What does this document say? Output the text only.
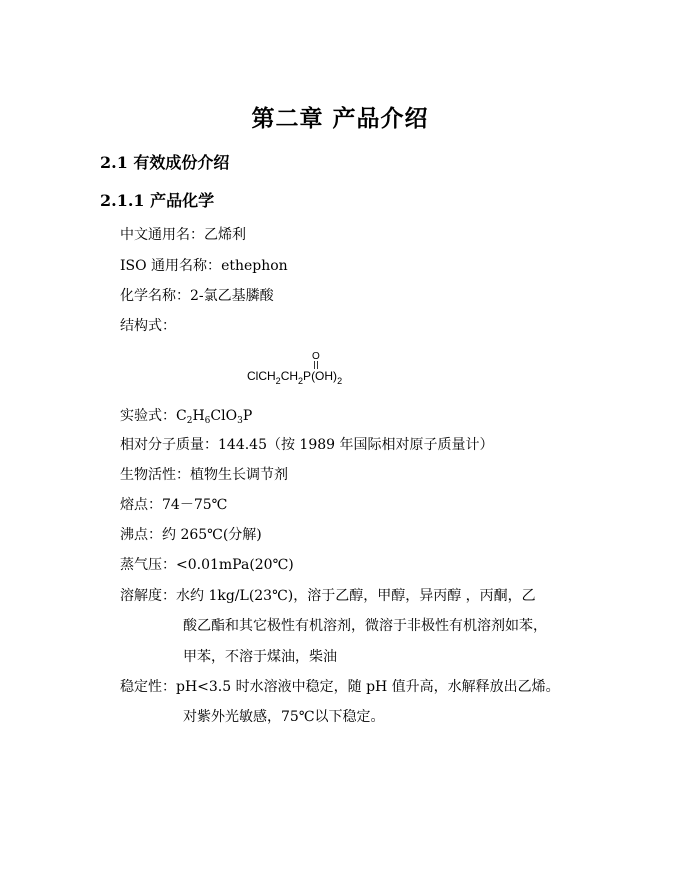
第二章 产品介绍
2.1 有效成份介绍
2.1.1 产品化学
中文通用名：乙烯利
ISO 通用名称：ethephon
化学名称：2-氯乙基膦酸
结构式：
O
$ClCH_2CH_2P(OH)_2$
实验式：$C_2H_6ClO_3P$
相对分子质量：144.45（按 1989 年国际相对原子质量计）
生物活性：植物生长调节剂
熔点：74－75℃
沸点：约 265℃(分解)
蒸气压：<0.01mPa(20℃)
溶解度：水约 1kg/L(23℃)，溶于乙醇，甲醇，异丙醇 ，丙酮，乙
酸乙酯和其它极性有机溶剂，微溶于非极性有机溶剂如苯，
甲苯，不溶于煤油，柴油
稳定性：pH<3.5 时水溶液中稳定，随 pH 值升高，水解释放出乙烯。
对紫外光敏感，75℃以下稳定。
